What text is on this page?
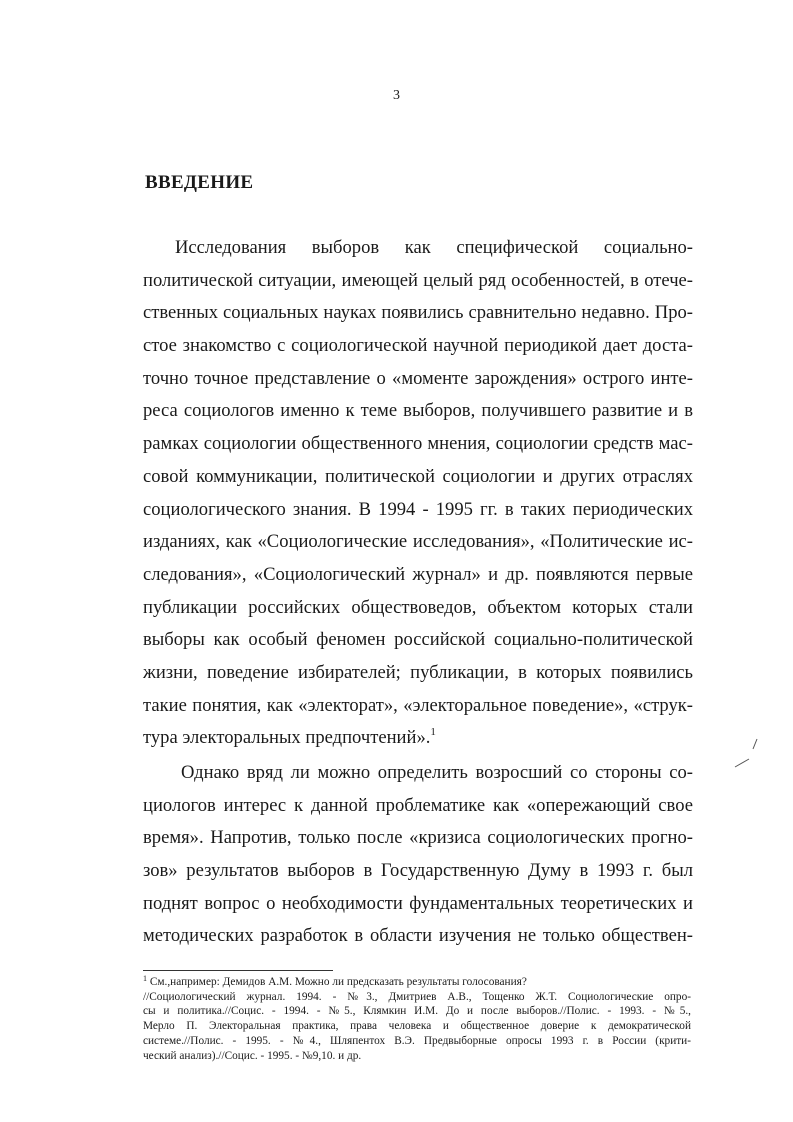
3
ВВЕДЕНИЕ
Исследования выборов как специфической социально-
политической ситуации, имеющей целый ряд особенностей, в отече-
ственных социальных науках появились сравнительно недавно. Про-
стое знакомство с социологической научной периодикой дает доста-
точно точное представление о «моменте зарождения» острого инте-
реса социологов именно к теме выборов, получившего развитие и в
рамках социологии общественного мнения, социологии средств мас-
совой коммуникации, политической социологии и других отраслях
социологического знания. В 1994 - 1995 гг. в таких периодических
изданиях, как «Социологические исследования», «Политические ис-
следования», «Социологический журнал» и др. появляются первые
публикации российских обществоведов, объектом которых стали
выборы как особый феномен российской социально-политической
жизни, поведение избирателей; публикации, в которых появились
такие понятия, как «электорат», «электоральное поведение», «струк-
тура электоральных предпочтений».$^1$
Однако вряд ли можно определить возросший со стороны со-
циологов интерес к данной проблематике как «опережающий свое
время». Напротив, только после «кризиса социологических прогно-
зов» результатов выборов в Государственную Думу в 1993 г. был
поднят вопрос о необходимости фундаментальных теоретических и
методических разработок в области изучения не только обществен-
$^1$ См.,например: Демидов А.М. Можно ли предсказать результаты голосования?
//Социологический журнал. 1994. - №3., Дмитриев А.В., Тощенко Ж.Т. Социологические опро-
сы и политика.//Социс. - 1994. - №5., Клямкин И.М. До и после выборов.//Полис. - 1993. - №5.,
Мерло П. Электоральная практика, права человека и общественное доверие к демократической
системе.//Полис. - 1995. - №4., Шляпентох В.Э. Предвыборные опросы 1993 г. в России (крити-
ческий анализ).//Социс. - 1995. - №9,10. и др.
